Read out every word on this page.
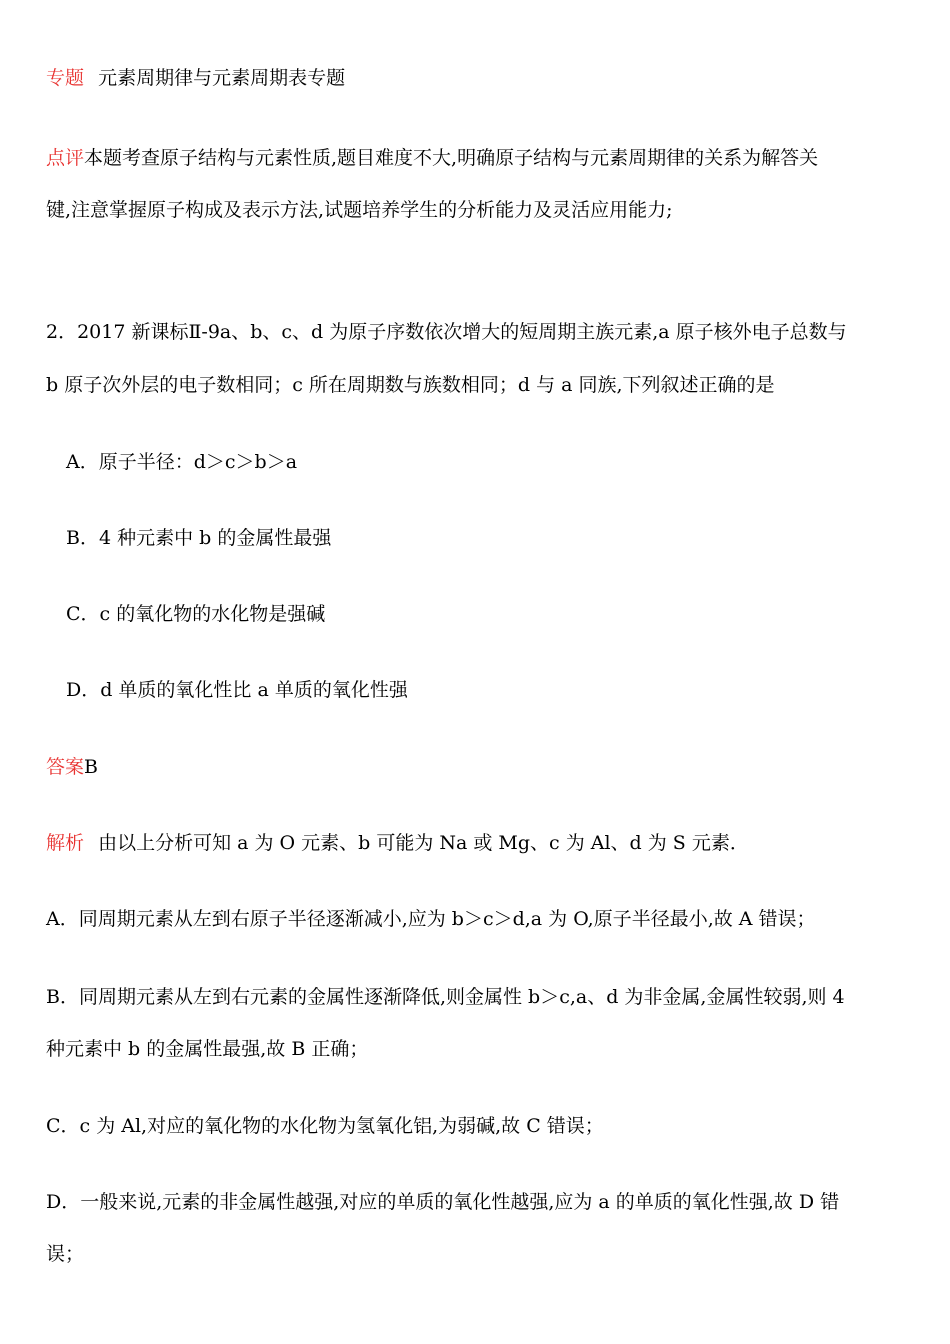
专题 元素周期律与元素周期表专题
点评本题考查原子结构与元素性质,题目难度不大,明确原子结构与元素周期律的关系为解答关
键,注意掌握原子构成及表示方法,试题培养学生的分析能力及灵活应用能力;
2．2017 新课标Ⅱ-9a、b、c、d 为原子序数依次增大的短周期主族元素,a 原子核外电子总数与
b 原子次外层的电子数相同；c 所在周期数与族数相同；d 与 a 同族,下列叙述正确的是
A．原子半径：d＞c＞b＞a
B．4 种元素中 b 的金属性最强
C．c 的氧化物的水化物是强碱
D．d 单质的氧化性比 a 单质的氧化性强
答案B
解析 由以上分析可知 a 为 O 元素、b 可能为 Na 或 Mg、c 为 Al、d 为 S 元素．
A．同周期元素从左到右原子半径逐渐减小,应为 b＞c＞d,a 为 O,原子半径最小,故 A 错误；
B．同周期元素从左到右元素的金属性逐渐降低,则金属性 b＞c,a、d 为非金属,金属性较弱,则 4
种元素中 b 的金属性最强,故 B 正确；
C．c 为 Al,对应的氧化物的水化物为氢氧化铝,为弱碱,故 C 错误；
D．一般来说,元素的非金属性越强,对应的单质的氧化性越强,应为 a 的单质的氧化性强,故 D 错
误；
